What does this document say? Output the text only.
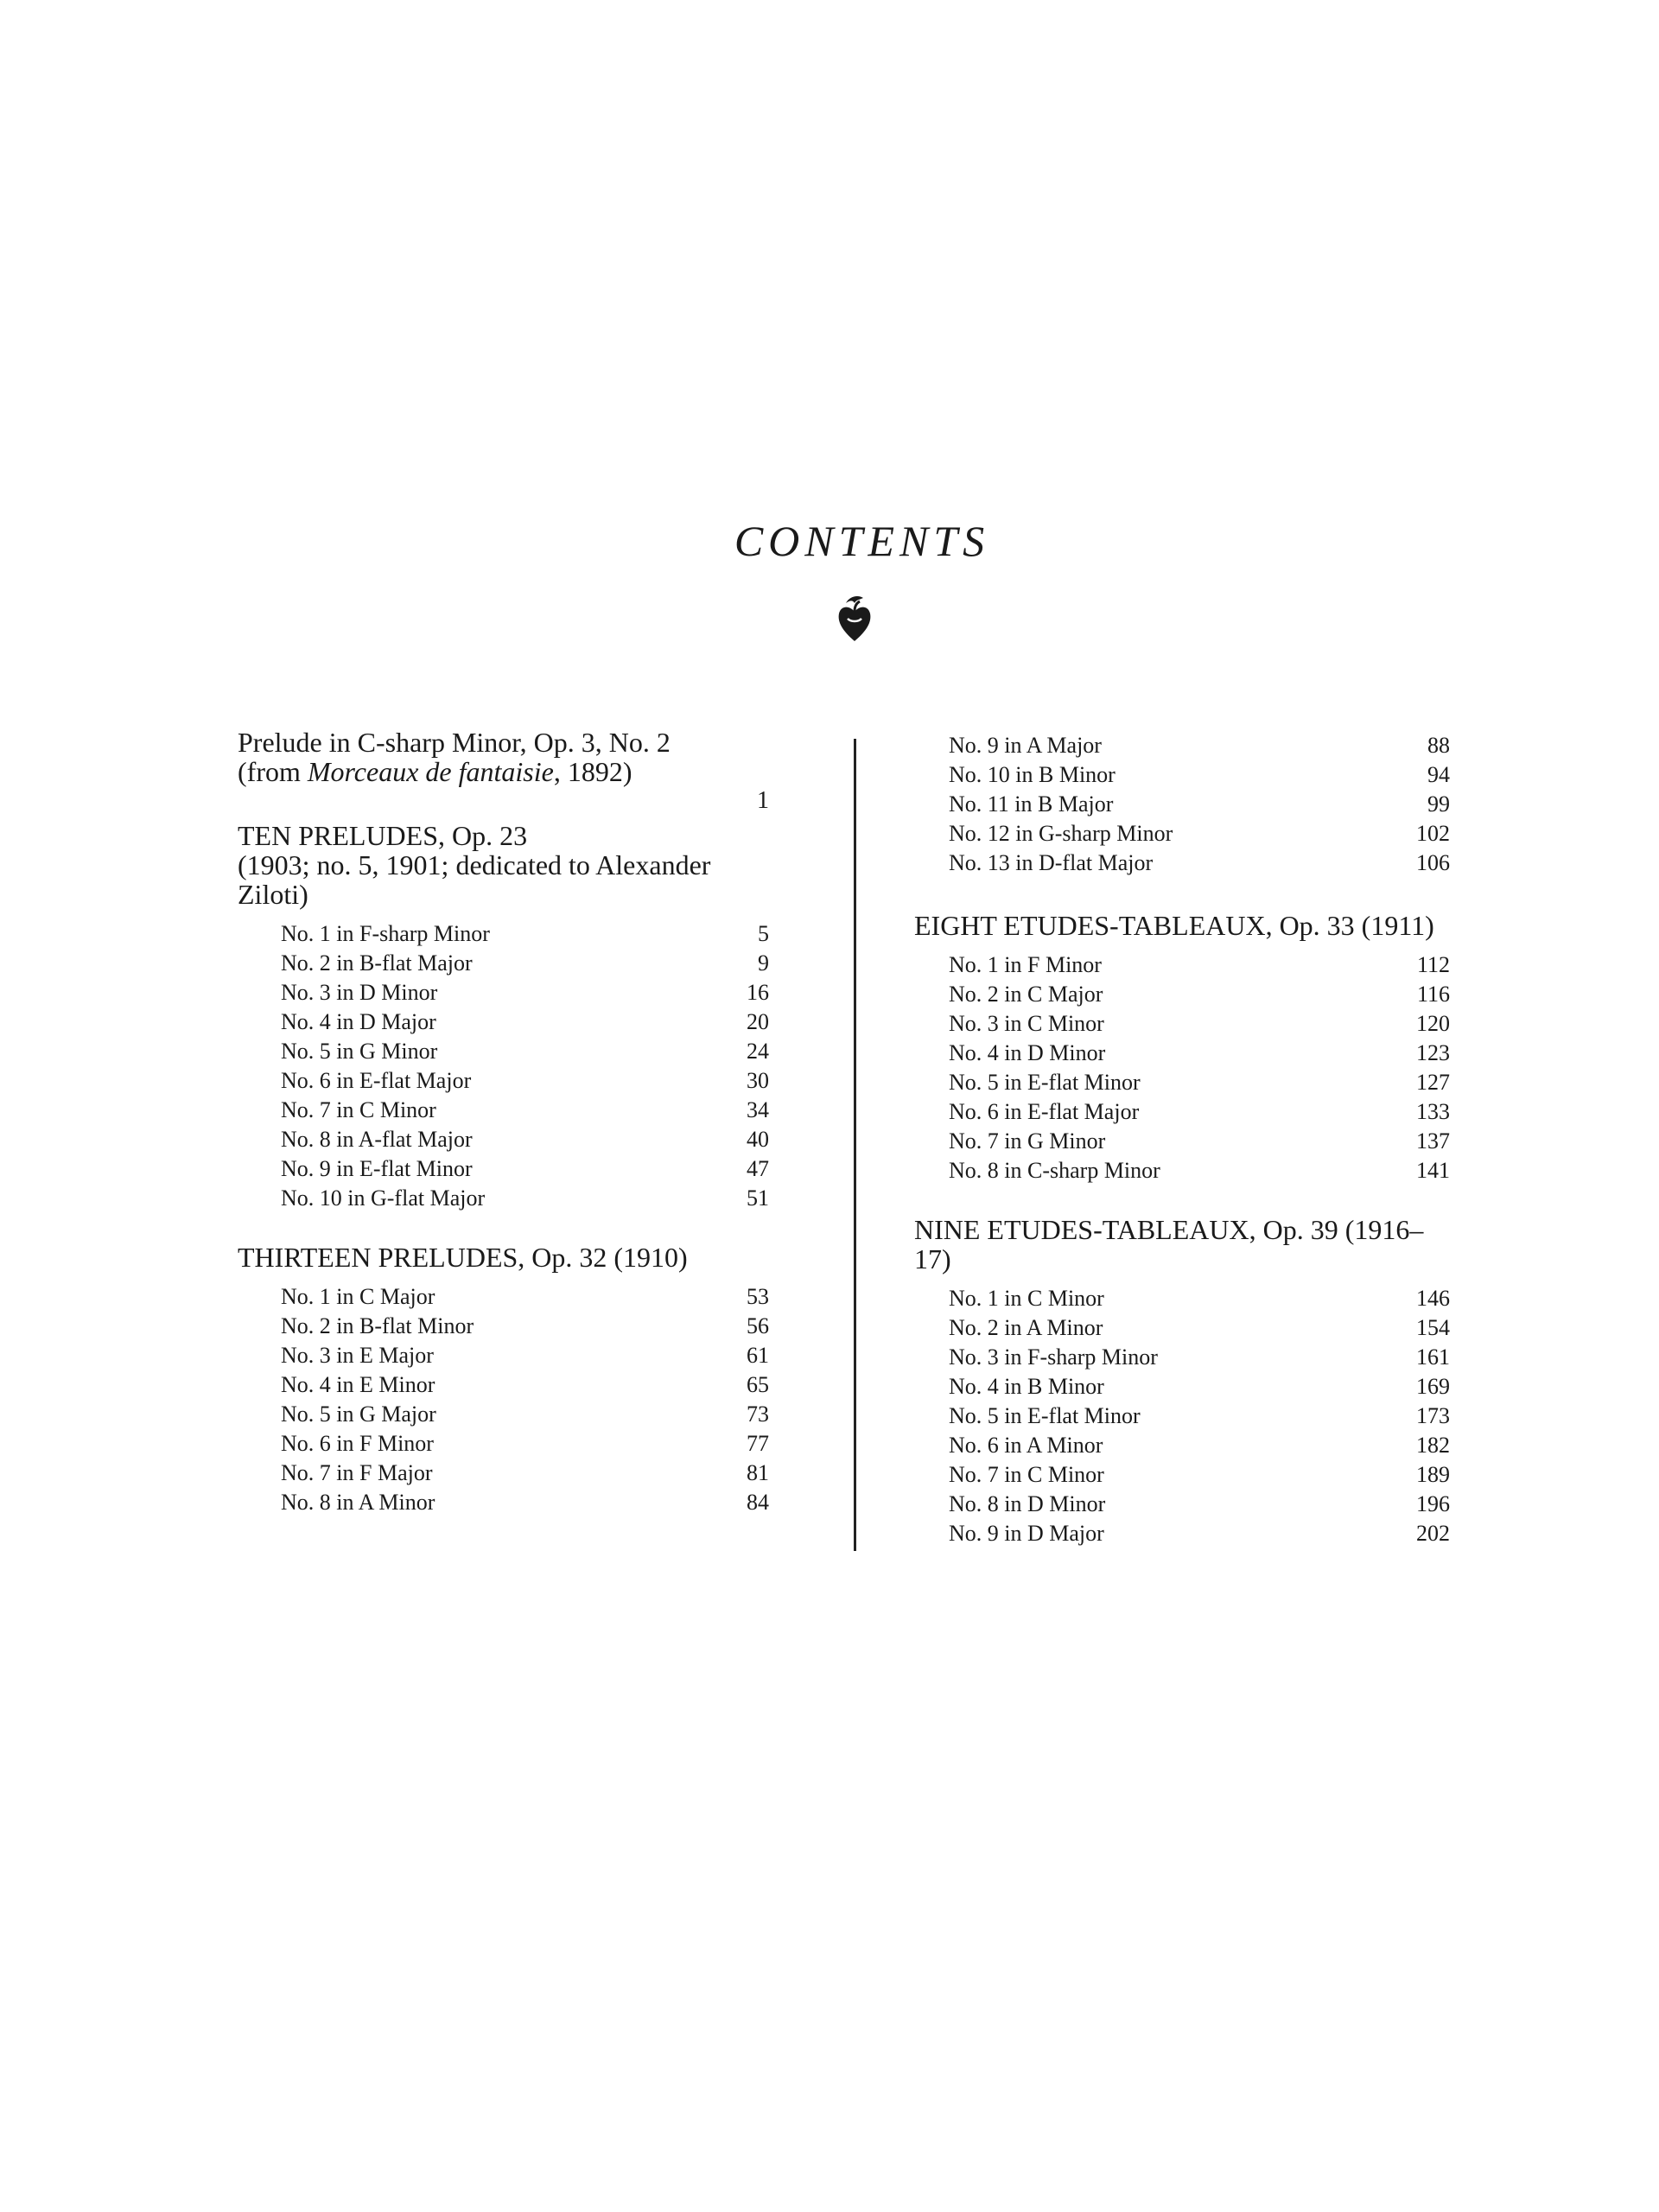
CONTENTS
Prelude in C-sharp Minor, Op. 3, No. 2
(from Morceaux de fantaisie, 1892)
1
TEN PRELUDES, Op. 23
(1903; no. 5, 1901; dedicated to Alexander Ziloti)
No. 1 in F-sharp Minor	5
No. 2 in B-flat Major	9
No. 3 in D Minor	16
No. 4 in D Major	20
No. 5 in G Minor	24
No. 6 in E-flat Major	30
No. 7 in C Minor	34
No. 8 in A-flat Major	40
No. 9 in E-flat Minor	47
No. 10 in G-flat Major	51
THIRTEEN PRELUDES, Op. 32 (1910)
No. 1 in C Major	53
No. 2 in B-flat Minor	56
No. 3 in E Major	61
No. 4 in E Minor	65
No. 5 in G Major	73
No. 6 in F Minor	77
No. 7 in F Major	81
No. 8 in A Minor	84
No. 9 in A Major	88
No. 10 in B Minor	94
No. 11 in B Major	99
No. 12 in G-sharp Minor	102
No. 13 in D-flat Major	106
EIGHT ETUDES-TABLEAUX, Op. 33 (1911)
No. 1 in F Minor	112
No. 2 in C Major	116
No. 3 in C Minor	120
No. 4 in D Minor	123
No. 5 in E-flat Minor	127
No. 6 in E-flat Major	133
No. 7 in G Minor	137
No. 8 in C-sharp Minor	141
NINE ETUDES-TABLEAUX, Op. 39 (1916–17)
No. 1 in C Minor	146
No. 2 in A Minor	154
No. 3 in F-sharp Minor	161
No. 4 in B Minor	169
No. 5 in E-flat Minor	173
No. 6 in A Minor	182
No. 7 in C Minor	189
No. 8 in D Minor	196
No. 9 in D Major	202
